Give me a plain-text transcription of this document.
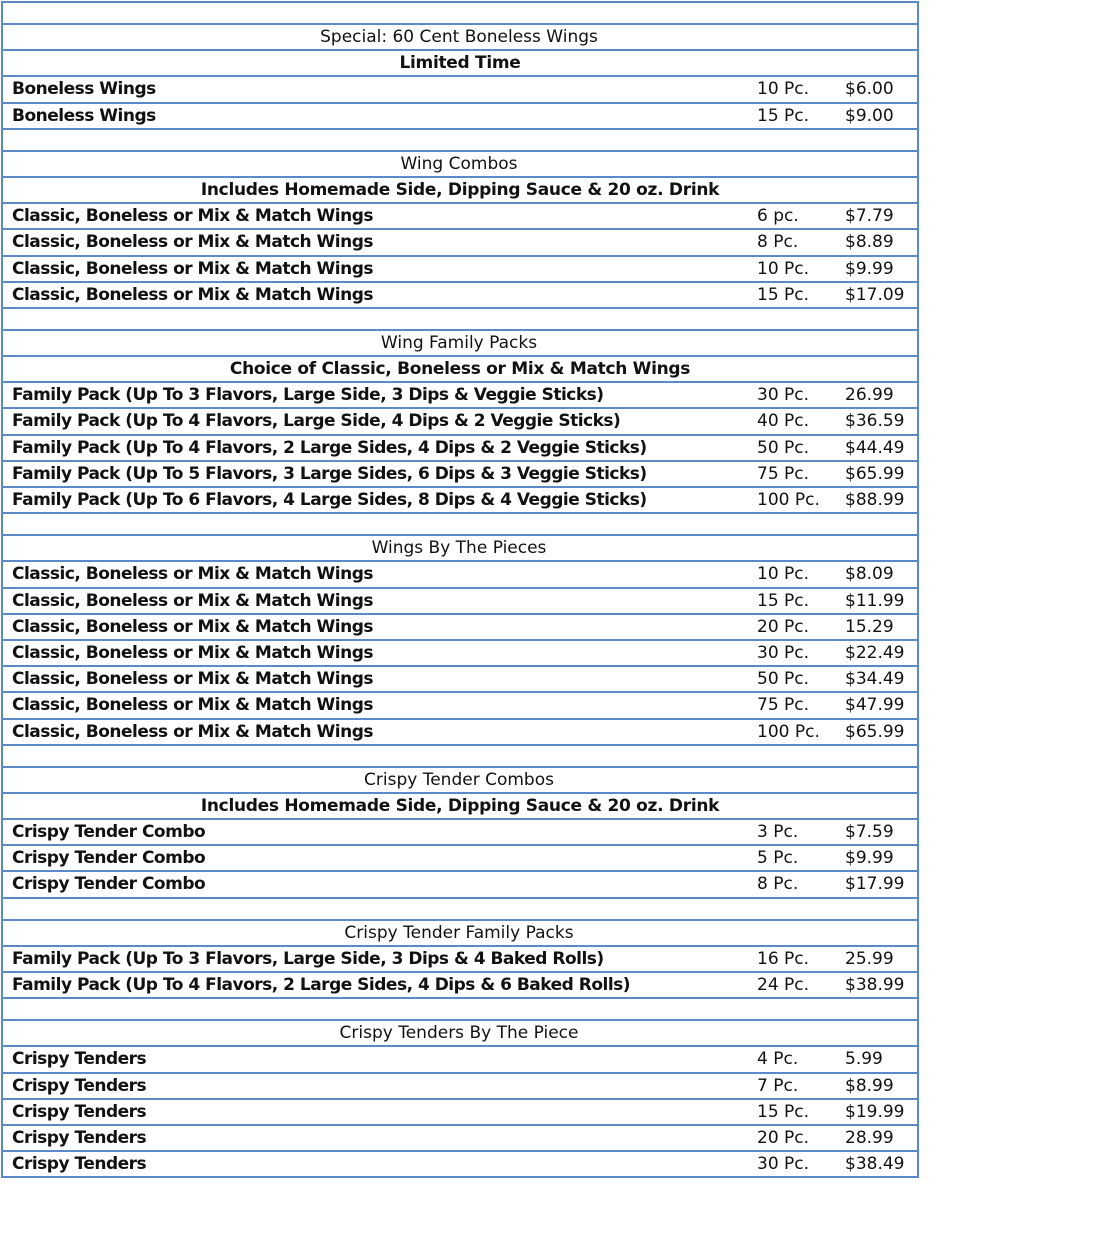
Special: 60 Cent Boneless Wings
Limited Time
Boneless Wings	10 Pc. $6.00
Boneless Wings	15 Pc. $9.00
Wing Combos
Includes Homemade Side, Dipping Sauce & 20 oz. Drink
Classic, Boneless or Mix & Match Wings	6 pc.	$7.79
Classic, Boneless or Mix & Match Wings	8 Pc.	$8.89
Classic, Boneless or Mix & Match Wings	10 Pc. $9.99
Classic, Boneless or Mix & Match Wings	15 Pc. $17.09
Wing Family Packs
Choice of Classic, Boneless or Mix & Match Wings
Family Pack (Up To 3 Flavors, Large Side, 3 Dips & Veggie Sticks)	30 Pc. 26.99
Family Pack (Up To 4 Flavors, Large Side, 4 Dips & 2 Veggie Sticks)	40 Pc. $36.59
Family Pack (Up To 4 Flavors, 2 Large Sides, 4 Dips & 2 Veggie Sticks)	50 Pc. $44.49
Family Pack (Up To 5 Flavors, 3 Large Sides, 6 Dips & 3 Veggie Sticks)	75 Pc. $65.99
Family Pack (Up To 6 Flavors, 4 Large Sides, 8 Dips & 4 Veggie Sticks)	100 Pc. $88.99
Wings By The Pieces
Classic, Boneless or Mix & Match Wings	10 Pc. $8.09
Classic, Boneless or Mix & Match Wings	15 Pc. $11.99
Classic, Boneless or Mix & Match Wings	20 Pc. 15.29
Classic, Boneless or Mix & Match Wings	30 Pc. $22.49
Classic, Boneless or Mix & Match Wings	50 Pc. $34.49
Classic, Boneless or Mix & Match Wings	75 Pc. $47.99
Classic, Boneless or Mix & Match Wings	100 Pc. $65.99
Crispy Tender Combos
Includes Homemade Side, Dipping Sauce & 20 oz. Drink
Crispy Tender Combo	3 Pc.	$7.59
Crispy Tender Combo	5 Pc.	$9.99
Crispy Tender Combo	8 Pc.	$17.99
Crispy Tender Family Packs
Family Pack (Up To 3 Flavors, Large Side, 3 Dips & 4 Baked Rolls)	16 Pc. 25.99
Family Pack (Up To 4 Flavors, 2 Large Sides, 4 Dips & 6 Baked Rolls)	24 Pc. $38.99
Crispy Tenders By The Piece
Crispy Tenders	4 Pc.	5.99
Crispy Tenders	7 Pc.	$8.99
Crispy Tenders	15 Pc. $19.99
Crispy Tenders	20 Pc. 28.99
Crispy Tenders	30 Pc. $38.49
